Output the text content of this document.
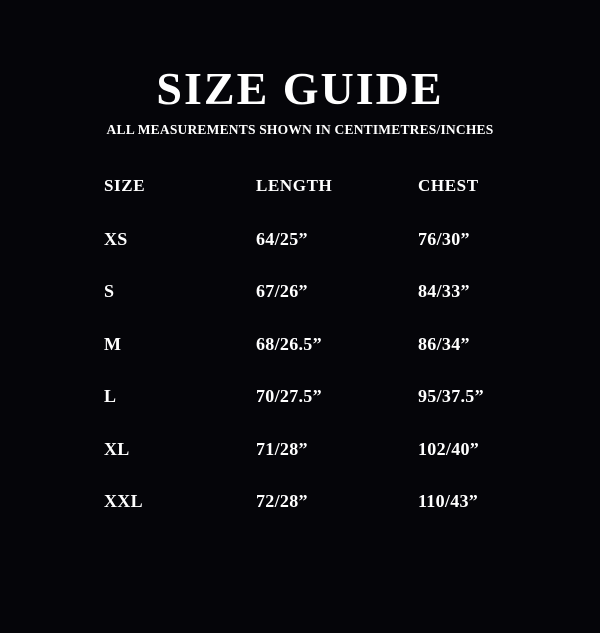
SIZE GUIDE
ALL MEASUREMENTS SHOWN IN CENTIMETRES/INCHES
SIZE	LENGTH	CHEST
XS	64/25”	76/30”
S	67/26”	84/33”
M	68/26.5”	86/34”
L	70/27.5”	95/37.5”
XL	71/28”	102/40”
XXL	72/28”	110/43”
